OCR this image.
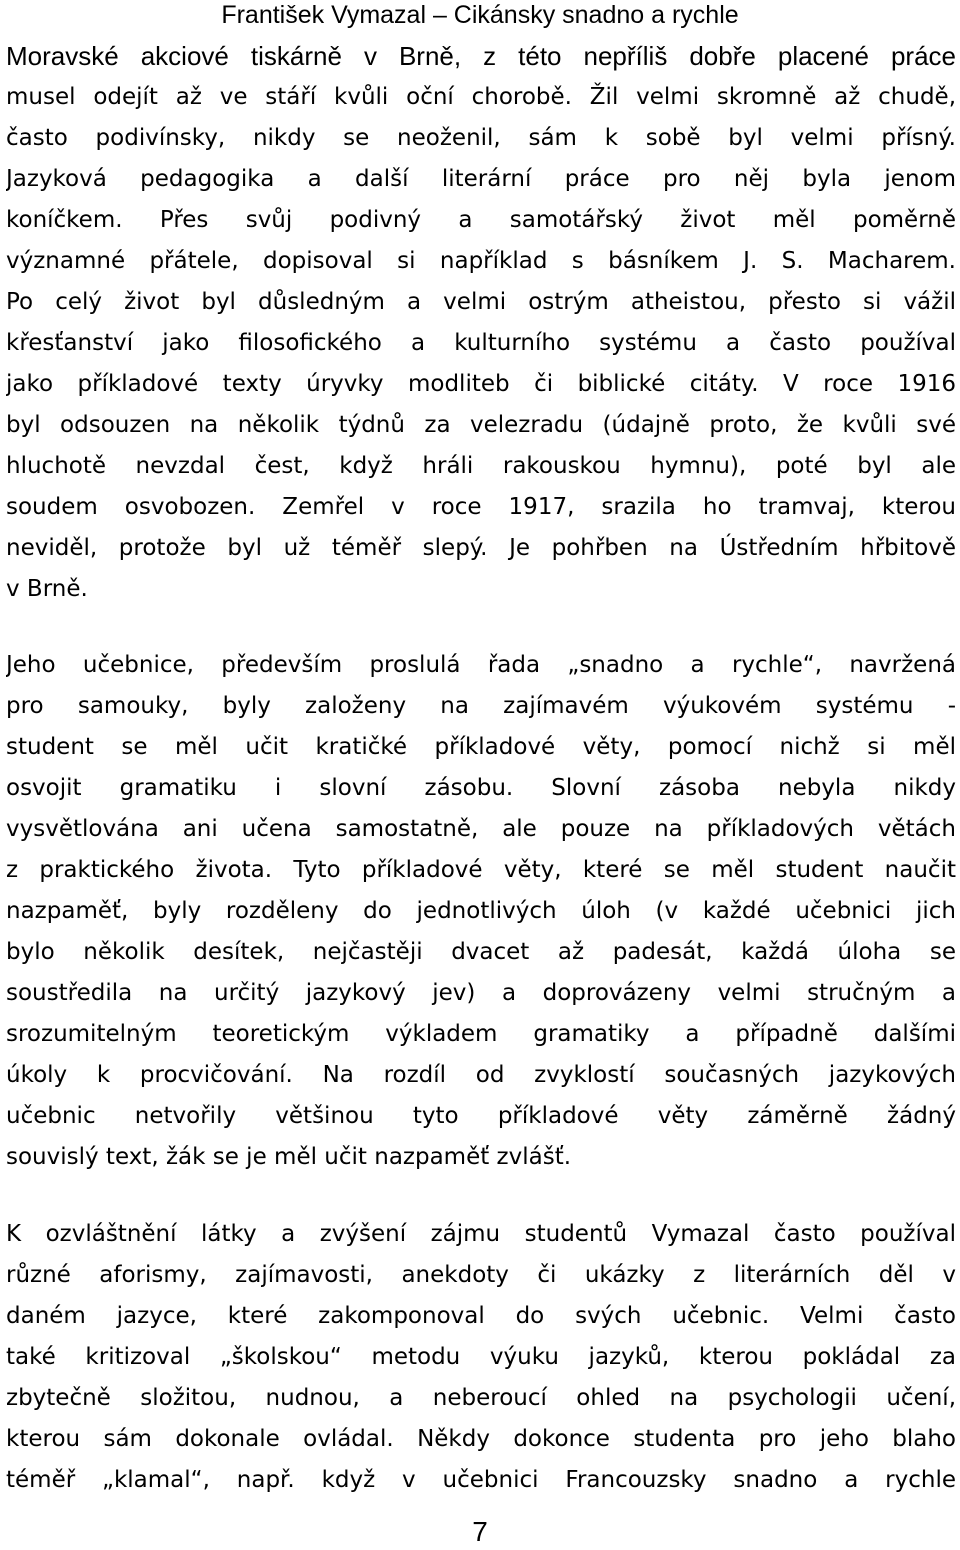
František Vymazal – Cikánsky snadno a rychle
Moravské akciové tiskárně v Brně, z této nepříliš dobře placené práce
musel odejít až ve stáří kvůli oční chorobě. Žil velmi skromně až chudě,
často podivínsky, nikdy se neoženil, sám k sobě byl velmi přísný.
Jazyková pedagogika a další literární práce pro něj byla jenom
koníčkem. Přes svůj podivný a samotářský život měl poměrně
významné přátele, dopisoval si například s básníkem J. S. Macharem.
Po celý život byl důsledným a velmi ostrým atheistou, přesto si vážil
křesťanství jako filosofického a kulturního systému a často používal
jako příkladové texty úryvky modliteb či biblické citáty. V roce 1916
byl odsouzen na několik týdnů za velezradu (údajně proto, že kvůli své
hluchotě nevzdal čest, když hráli rakouskou hymnu), poté byl ale
soudem osvobozen. Zemřel v roce 1917, srazila ho tramvaj, kterou
neviděl, protože byl už téměř slepý. Je pohřben na Ústředním hřbitově
v Brně.
Jeho učebnice, především proslulá řada „snadno a rychle“, navržená
pro samouky, byly založeny na zajímavém výukovém systému -
student se měl učit kratičké příkladové věty, pomocí nichž si měl
osvojit gramatiku i slovní zásobu. Slovní zásoba nebyla nikdy
vysvětlována ani učena samostatně, ale pouze na příkladových větách
z praktického života. Tyto příkladové věty, které se měl student naučit
nazpaměť, byly rozděleny do jednotlivých úloh (v každé učebnici jich
bylo několik desítek, nejčastěji dvacet až padesát, každá úloha se
soustředila na určitý jazykový jev) a doprovázeny velmi stručným a
srozumitelným teoretickým výkladem gramatiky a případně dalšími
úkoly k procvičování. Na rozdíl od zvyklostí současných jazykových
učebnic netvořily většinou tyto příkladové věty záměrně žádný
souvislý text, žák se je měl učit nazpaměť zvlášť.
K ozvláštnění látky a zvýšení zájmu studentů Vymazal často používal
různé aforismy, zajímavosti, anekdoty či ukázky z literárních děl v
daném jazyce, které zakomponoval do svých učebnic. Velmi často
také kritizoval „školskou“ metodu výuku jazyků, kterou pokládal za
zbytečně složitou, nudnou, a neberoucí ohled na psychologii učení,
kterou sám dokonale ovládal. Někdy dokonce studenta pro jeho blaho
téměř „klamal“, např. když v učebnici Francouzsky snadno a rychle
7
